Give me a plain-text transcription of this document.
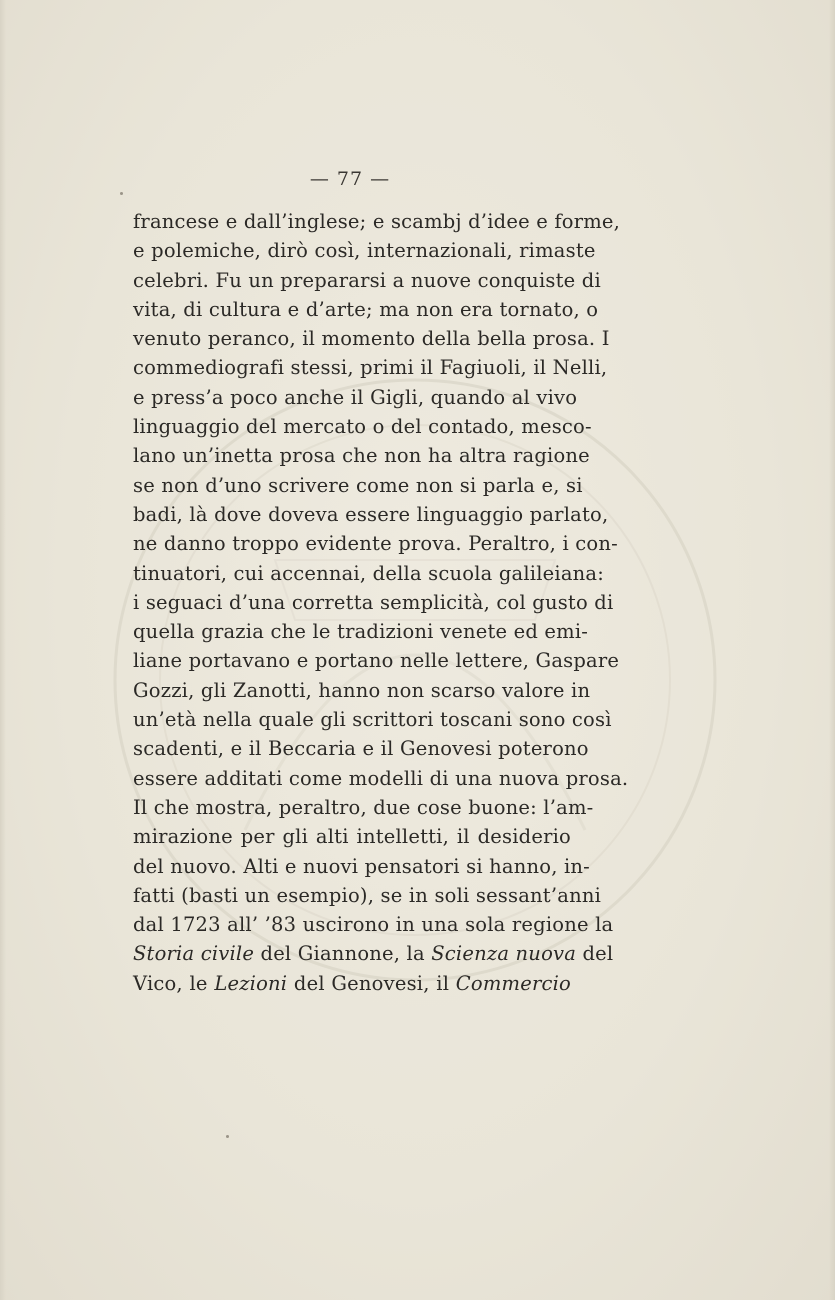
— 77 —
francese e dall’inglese; e scambj d’idee e forme,
e polemiche, dirò così, internazionali, rimaste
celebri. Fu un prepararsi a nuove conquiste di
vita, di cultura e d’arte; ma non era tornato, o
venuto peranco, il momento della bella prosa. I
commediografi stessi, primi il Fagiuoli, il Nelli,
e press’a poco anche il Gigli, quando al vivo
linguaggio del mercato o del contado, mesco-
lano un’inetta prosa che non ha altra ragione
se non d’uno scrivere come non si parla e, si
badi, là dove doveva essere linguaggio parlato,
ne danno troppo evidente prova. Peraltro, i con-
tinuatori, cui accennai, della scuola galileiana:
i seguaci d’una corretta semplicità, col gusto di
quella grazia che le tradizioni venete ed emi-
liane portavano e portano nelle lettere, Gaspare
Gozzi, gli Zanotti, hanno non scarso valore in
un’età nella quale gli scrittori toscani sono così
scadenti, e il Beccaria e il Genovesi poterono
essere additati come modelli di una nuova prosa.
Il che mostra, peraltro, due cose buone: l’am-
mirazione per gli alti intelletti, il desiderio
del nuovo. Alti e nuovi pensatori si hanno, in-
fatti (basti un esempio), se in soli sessant’anni
dal 1723 all’ ’83 uscirono in una sola regione la
Storia civile del Giannone, la Scienza nuova del
Vico, le Lezioni del Genovesi, il Commercio
